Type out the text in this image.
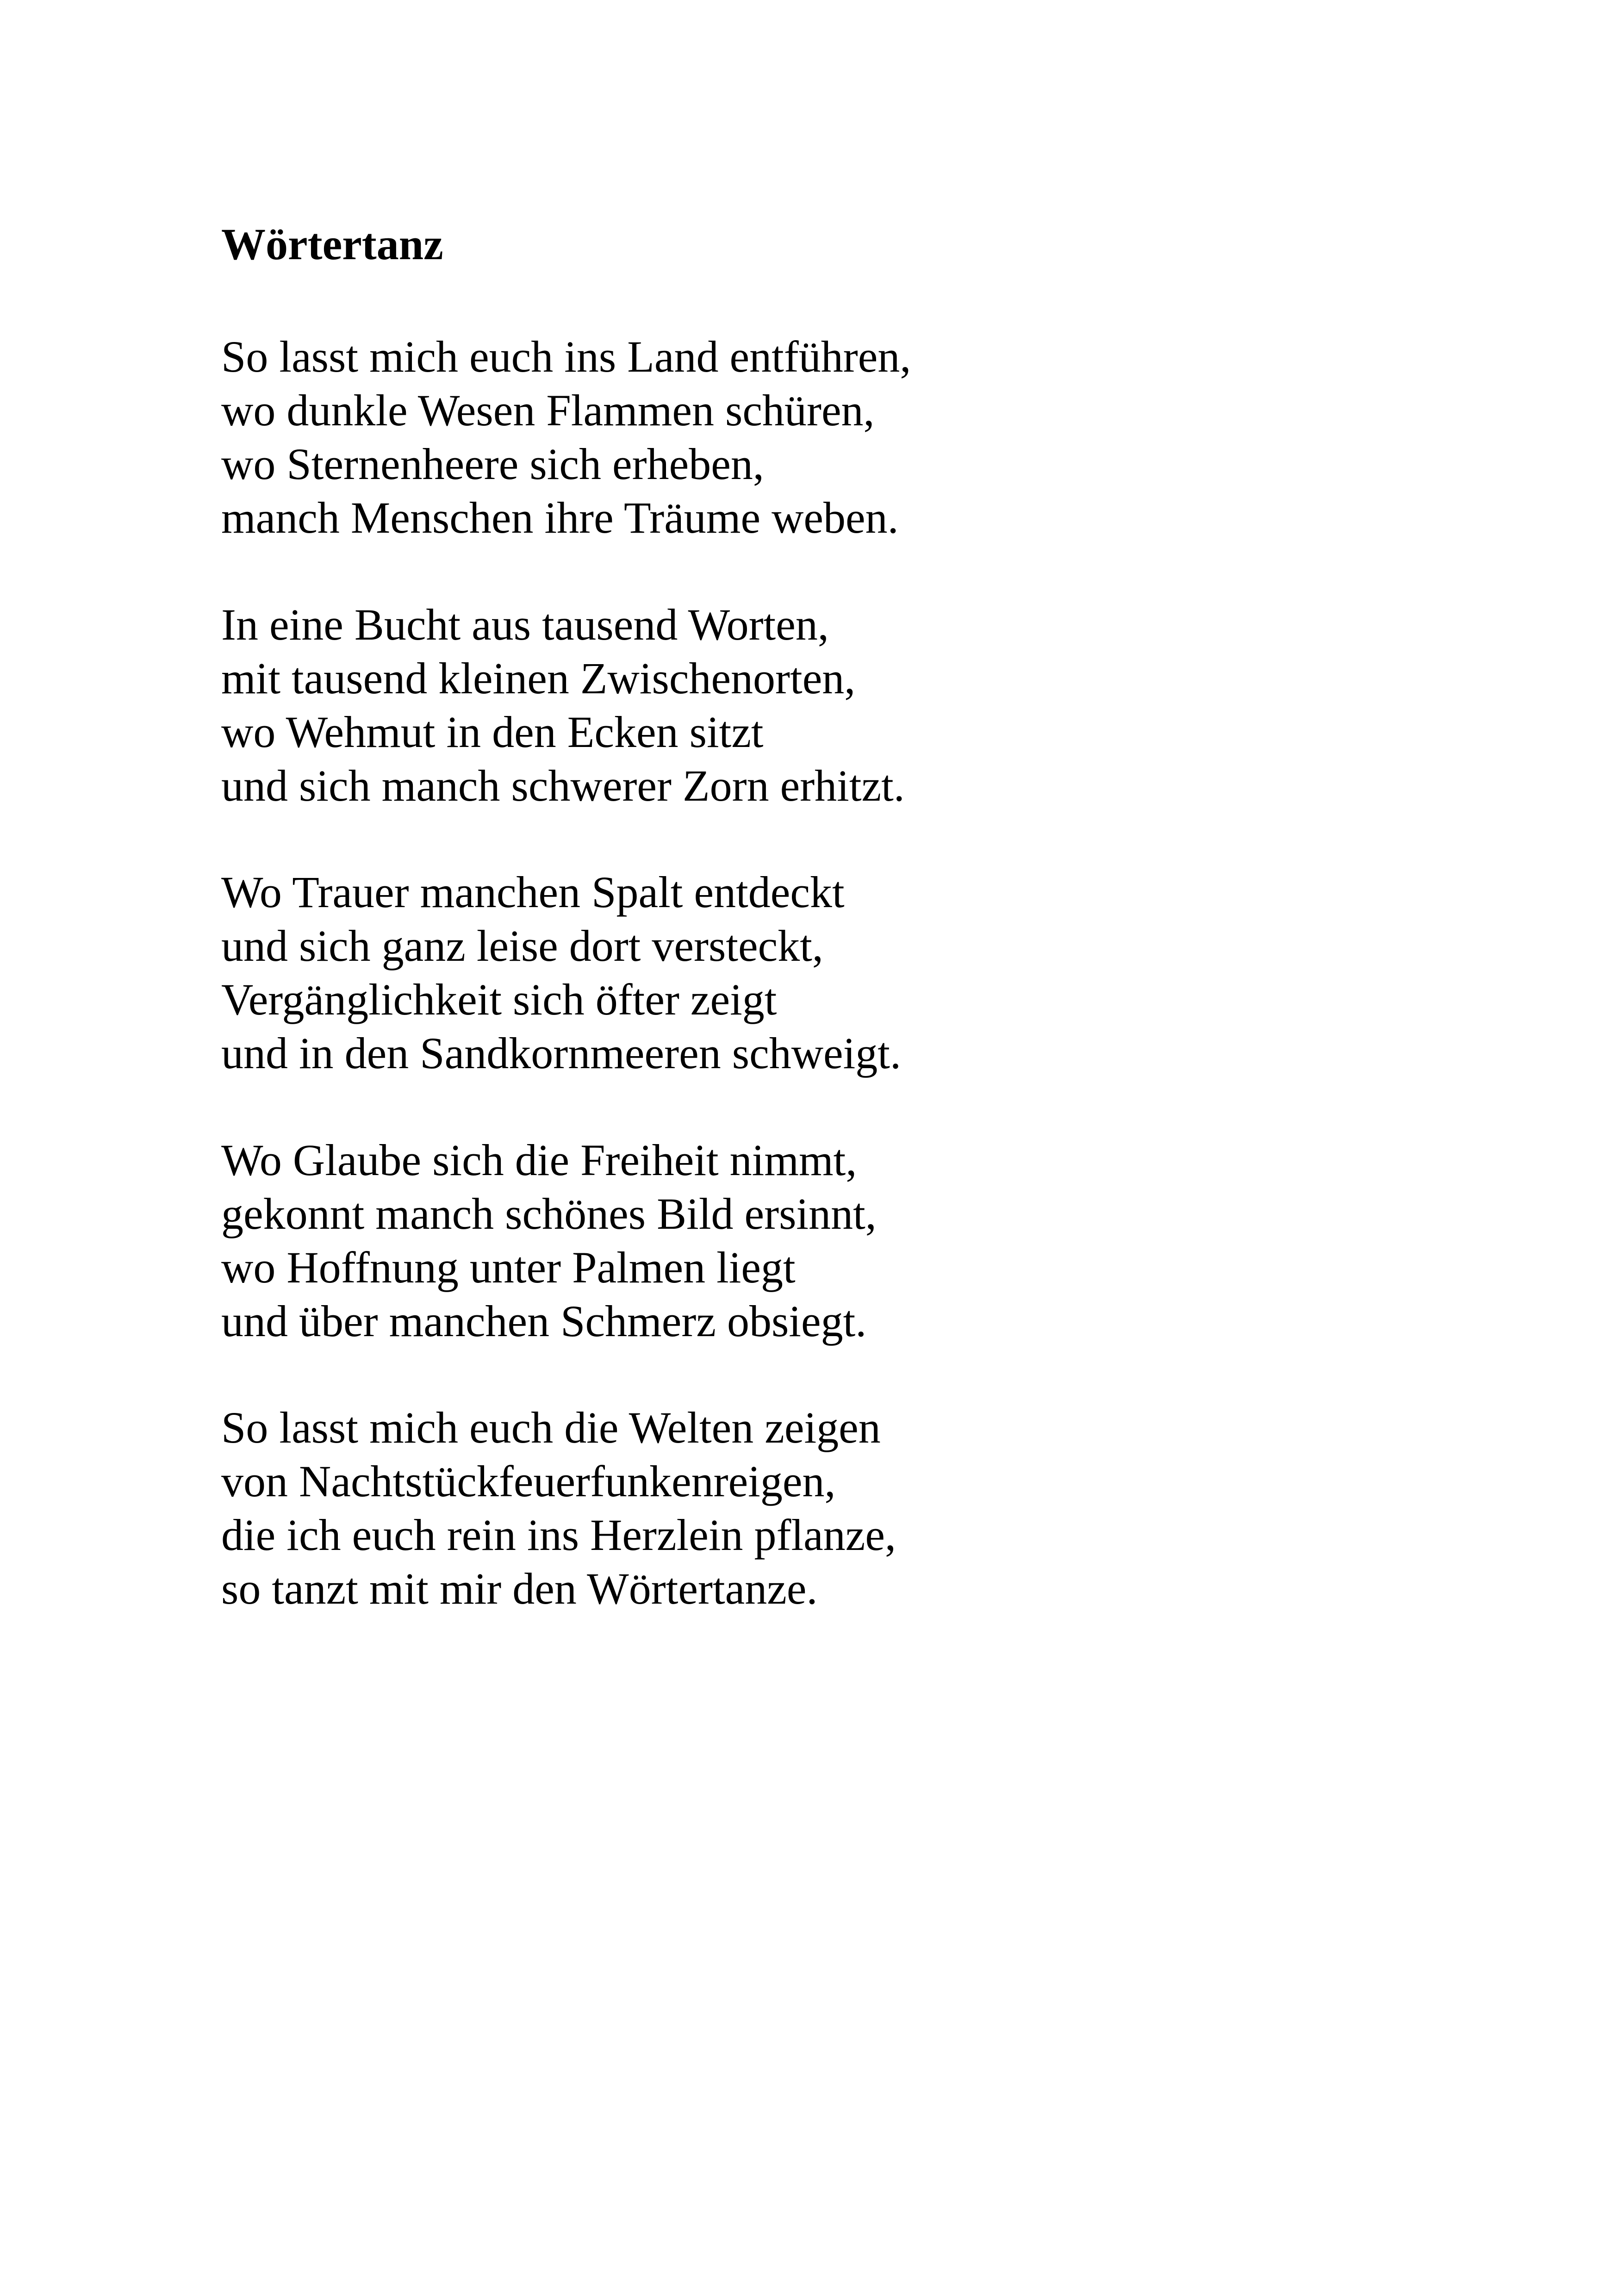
Wörtertanz
So lasst mich euch ins Land entführen,
wo dunkle Wesen Flammen schüren,
wo Sternenheere sich erheben,
manch Menschen ihre Träume weben.
In eine Bucht aus tausend Worten,
mit tausend kleinen Zwischenorten,
wo Wehmut in den Ecken sitzt
und sich manch schwerer Zorn erhitzt.
Wo Trauer manchen Spalt entdeckt
und sich ganz leise dort versteckt,
Vergänglichkeit sich öfter zeigt
und in den Sandkornmeeren schweigt.
Wo Glaube sich die Freiheit nimmt,
gekonnt manch schönes Bild ersinnt,
wo Hoffnung unter Palmen liegt
und über manchen Schmerz obsiegt.
So lasst mich euch die Welten zeigen
von Nachtstückfeuerfunkenreigen,
die ich euch rein ins Herzlein pflanze,
so tanzt mit mir den Wörtertanze.
